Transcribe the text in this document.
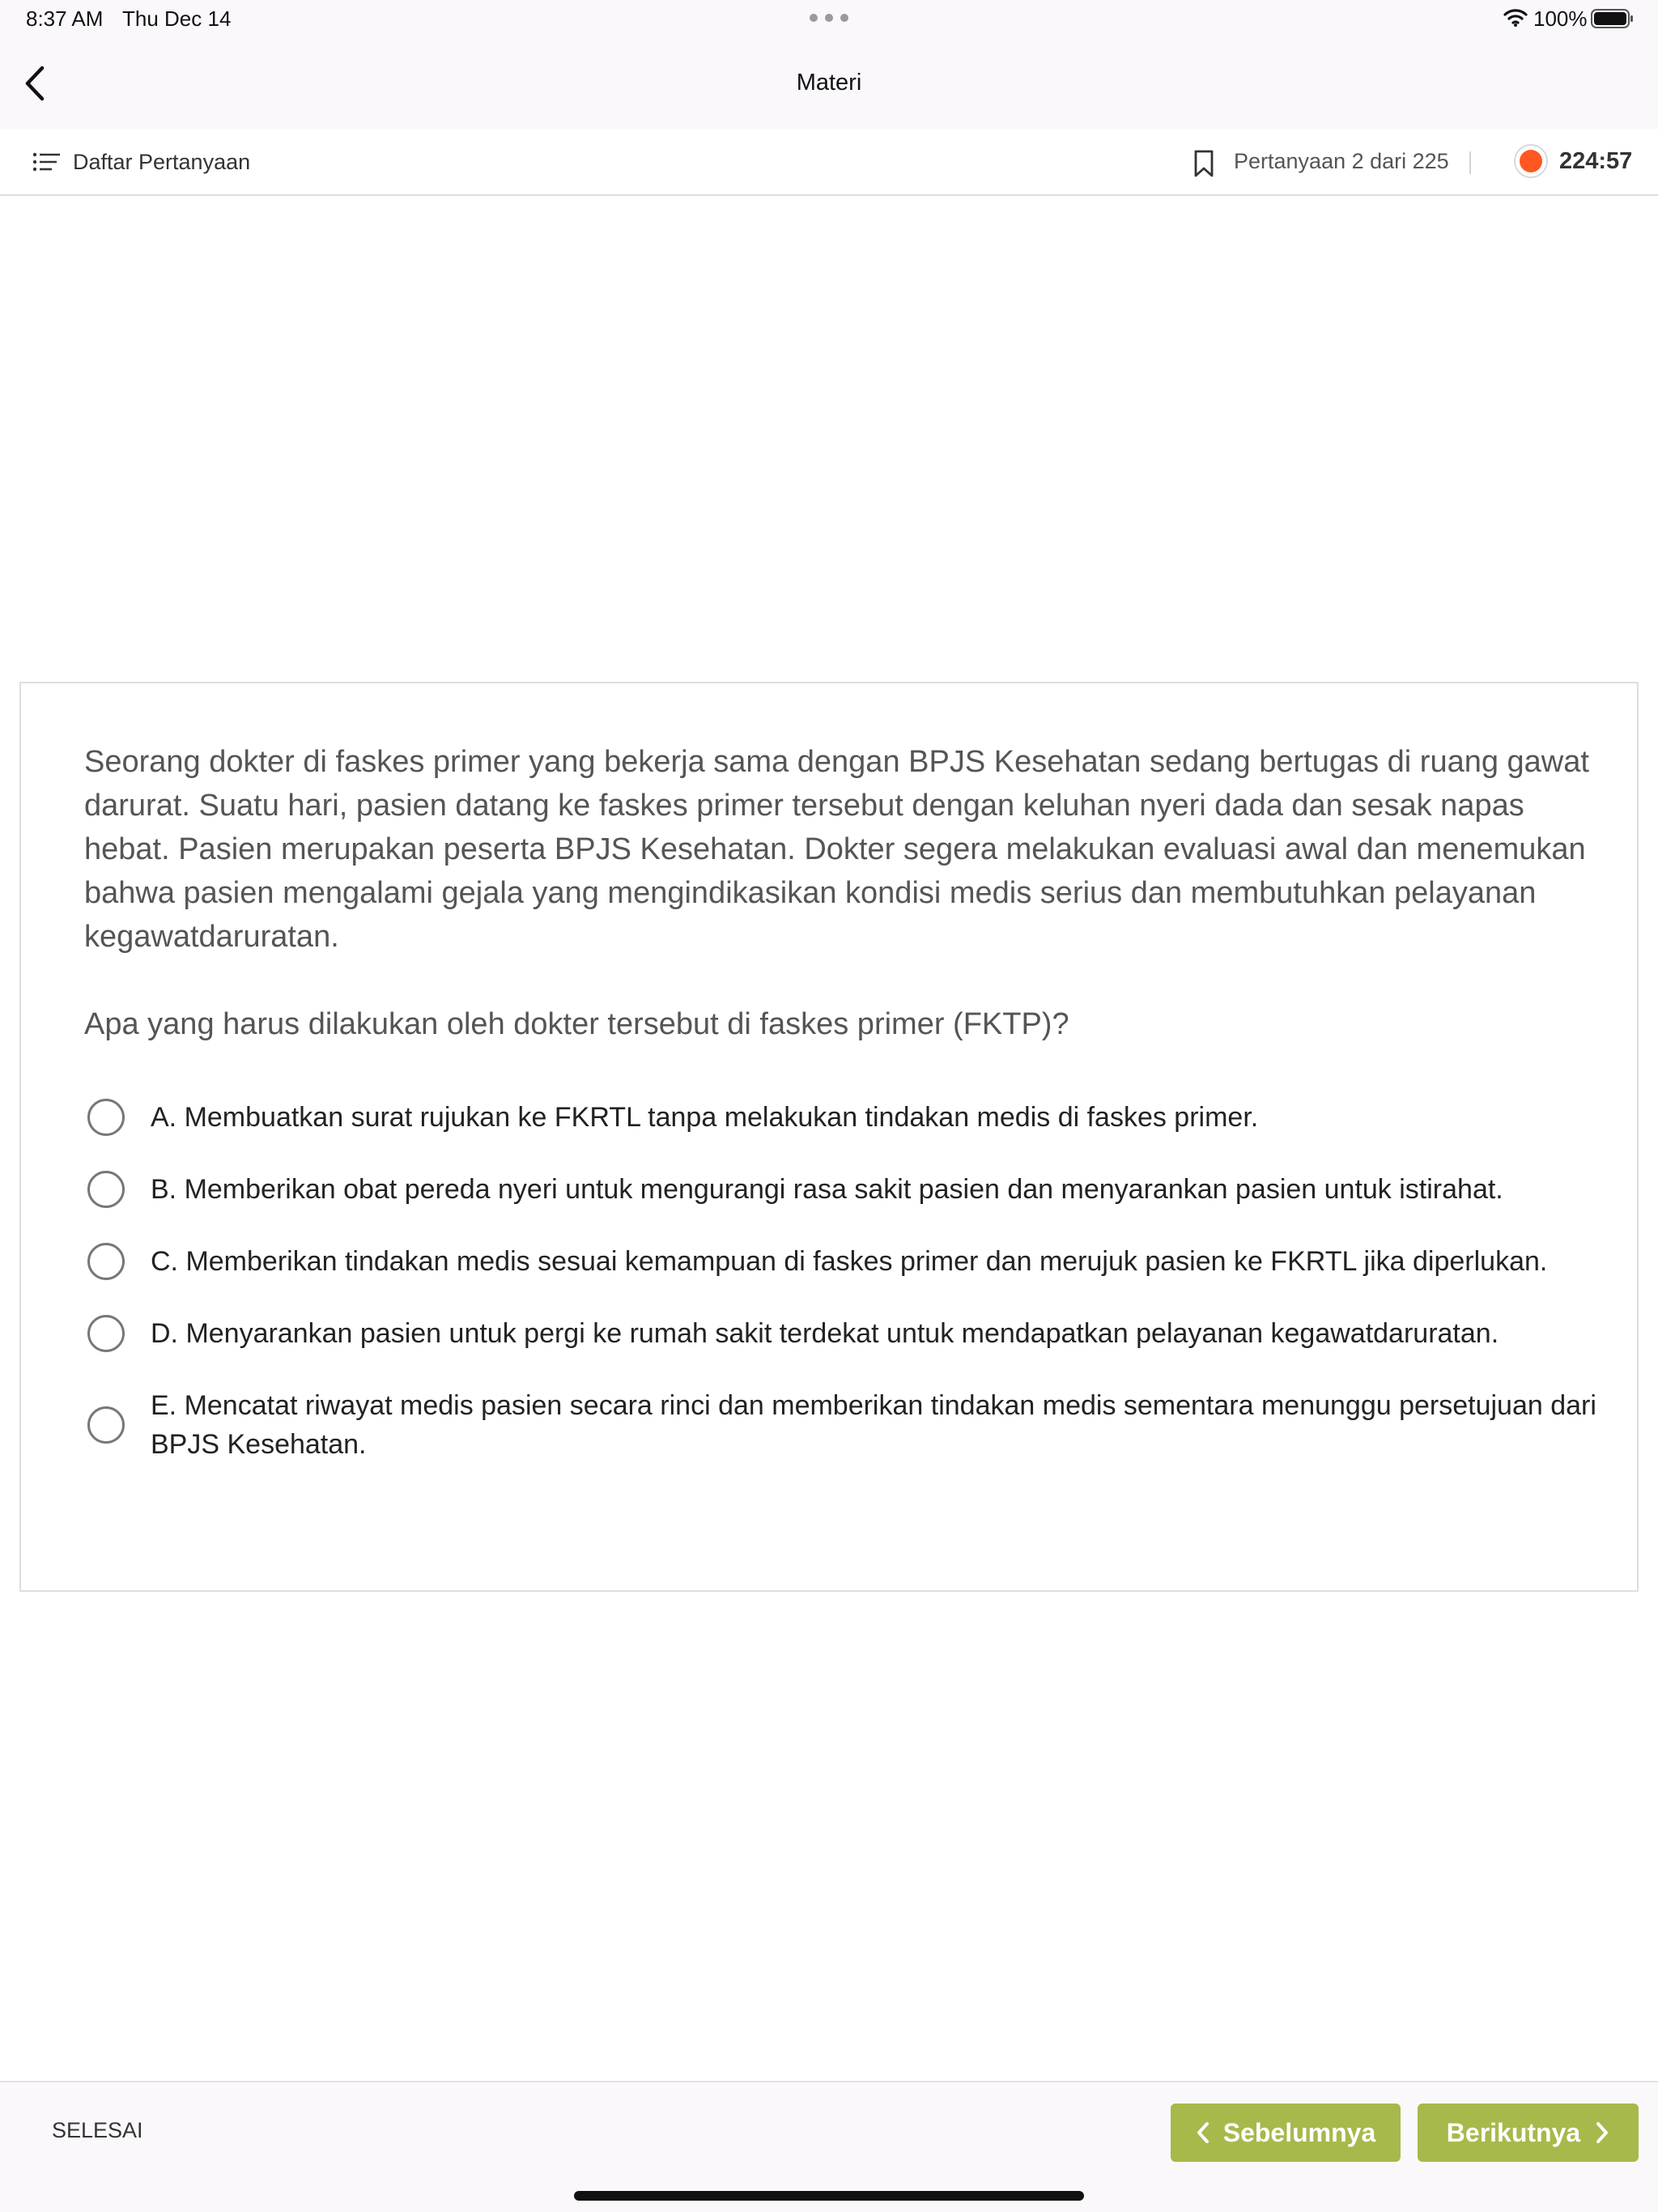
8:37 AM Thu Dec 14	100%
Materi
Daftar Pertanyaan	Pertanyaan 2 dari 225	224:57
Seorang dokter di faskes primer yang bekerja sama dengan BPJS Kesehatan sedang bertugas di ruang gawat darurat. Suatu hari, pasien datang ke faskes primer tersebut dengan keluhan nyeri dada dan sesak napas hebat. Pasien merupakan peserta BPJS Kesehatan. Dokter segera melakukan evaluasi awal dan menemukan bahwa pasien mengalami gejala yang mengindikasikan kondisi medis serius dan membutuhkan pelayanan kegawatdaruratan.
Apa yang harus dilakukan oleh dokter tersebut di faskes primer (FKTP)?
A. Membuatkan surat rujukan ke FKRTL tanpa melakukan tindakan medis di faskes primer.
B. Memberikan obat pereda nyeri untuk mengurangi rasa sakit pasien dan menyarankan pasien untuk istirahat.
C. Memberikan tindakan medis sesuai kemampuan di faskes primer dan merujuk pasien ke FKRTL jika diperlukan.
D. Menyarankan pasien untuk pergi ke rumah sakit terdekat untuk mendapatkan pelayanan kegawatdaruratan.
E. Mencatat riwayat medis pasien secara rinci dan memberikan tindakan medis sementara menunggu persetujuan dari BPJS Kesehatan.
SELESAI	Sebelumnya	Berikutnya
